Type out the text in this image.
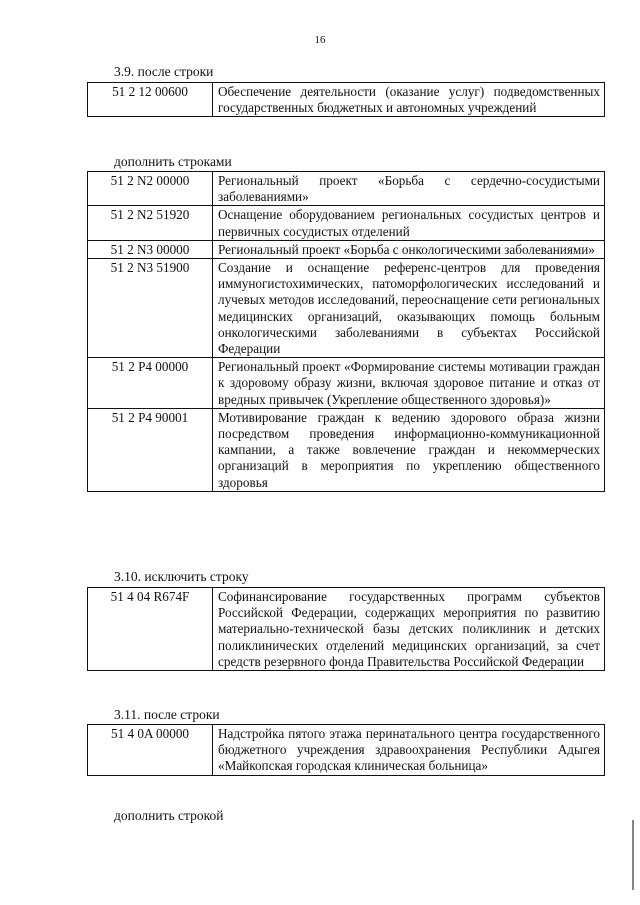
16
3.9. после строки
51 2 12 00600	Обеспечение деятельности (оказание услуг) подведомственных государственных бюджетных и автономных учреждений
дополнить строками
51 2 N2 00000	Региональный проект «Борьба с сердечно-сосудистыми заболеваниями»
51 2 N2 51920	Оснащение оборудованием региональных сосудистых центров и первичных сосудистых отделений
51 2 N3 00000	Региональный проект «Борьба с онкологическими заболеваниями»
51 2 N3 51900	Создание и оснащение референс-центров для проведения иммуногистохимических, патоморфологических исследований и лучевых методов исследований, переоснащение сети региональных медицинских организаций, оказывающих помощь больным онкологическими заболеваниями в субъектах Российской Федерации
51 2 P4 00000	Региональный проект «Формирование системы мотивации граждан к здоровому образу жизни, включая здоровое питание и отказ от вредных привычек (Укрепление общественного здоровья)»
51 2 P4 90001	Мотивирование граждан к ведению здорового образа жизни посредством проведения информационно-коммуникационной кампании, а также вовлечение граждан и некоммерческих организаций в мероприятия по укреплению общественного здоровья
3.10. исключить строку
51 4 04 R674F	Софинансирование государственных программ субъектов Российской Федерации, содержащих мероприятия по развитию материально-технической базы детских поликлиник и детских поликлинических отделений медицинских организаций, за счет средств резервного фонда Правительства Российской Федерации
3.11. после строки
51 4 0A 00000	Надстройка пятого этажа перинатального центра государственного бюджетного учреждения здравоохранения Республики Адыгея «Майкопская городская клиническая больница»
дополнить строкой
